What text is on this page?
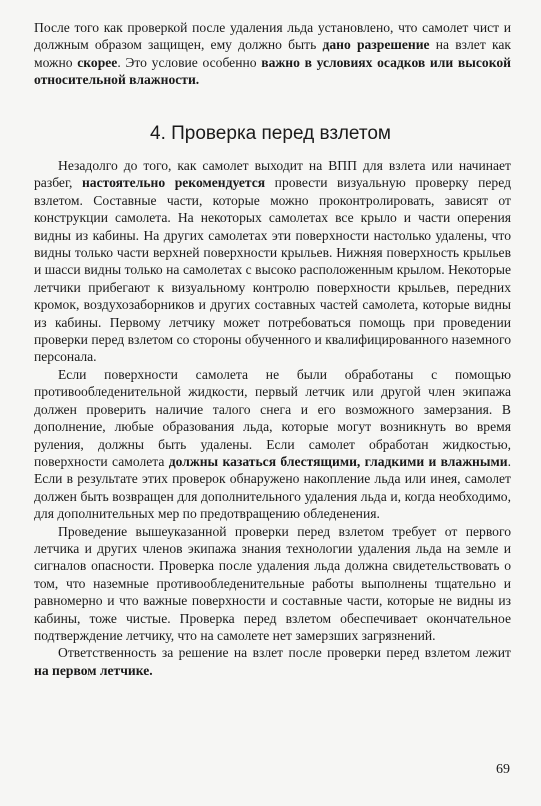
После того как проверкой после удаления льда установлено, что самолет чист и должным образом защищен, ему должно быть дано разрешение на взлет как можно скорее. Это условие особенно важно в условиях осадков или высокой относительной влажности.
4. Проверка перед взлетом

Незадолго до того, как самолет выходит на ВПП для взлета или начинает разбег, настоятельно рекомендуется провести визуальную проверку перед взлетом. Составные части, которые можно проконтролировать, зависят от конструкции самолета. На некоторых самолетах все крыло и части оперения видны из кабины. На других самолетах эти поверхности настолько удалены, что видны только части верхней поверхности крыльев. Нижняя поверхность крыльев и шасси видны только на самолетах с высоко расположенным крылом. Некоторые летчики прибегают к визуальному контролю поверхности крыльев, передних кромок, воздухозаборников и других составных частей самолета, которые видны из кабины. Первому летчику может потребоваться помощь при проведении проверки перед взлетом со стороны обученного и квалифицированного наземного персонала.

Если поверхности самолета не были обработаны с помощью противообледенительной жидкости, первый летчик или другой член экипажа должен проверить наличие талого снега и его возможного замерзания. В дополнение, любые образования льда, которые могут возникнуть во время руления, должны быть удалены. Если самолет обработан жидкостью, поверхности самолета должны казаться блестящими, гладкими и влажными. Если в результате этих проверок обнаружено накопление льда или инея, самолет должен быть возвращен для дополнительного удаления льда и, когда необходимо, для дополнительных мер по предотвращению обледенения.

Проведение вышеуказанной проверки перед взлетом требует от первого летчика и других членов экипажа знания технологии удаления льда на земле и сигналов опасности. Проверка после удаления льда должна свидетельствовать о том, что наземные противообледенительные работы выполнены тщательно и равномерно и что важные поверхности и составные части, которые не видны из кабины, тоже чистые. Проверка перед взлетом обеспечивает окончательное подтверждение летчику, что на самолете нет замерзших загрязнений.

Ответственность за решение на взлет после проверки перед взлетом лежит на первом летчике.

69
